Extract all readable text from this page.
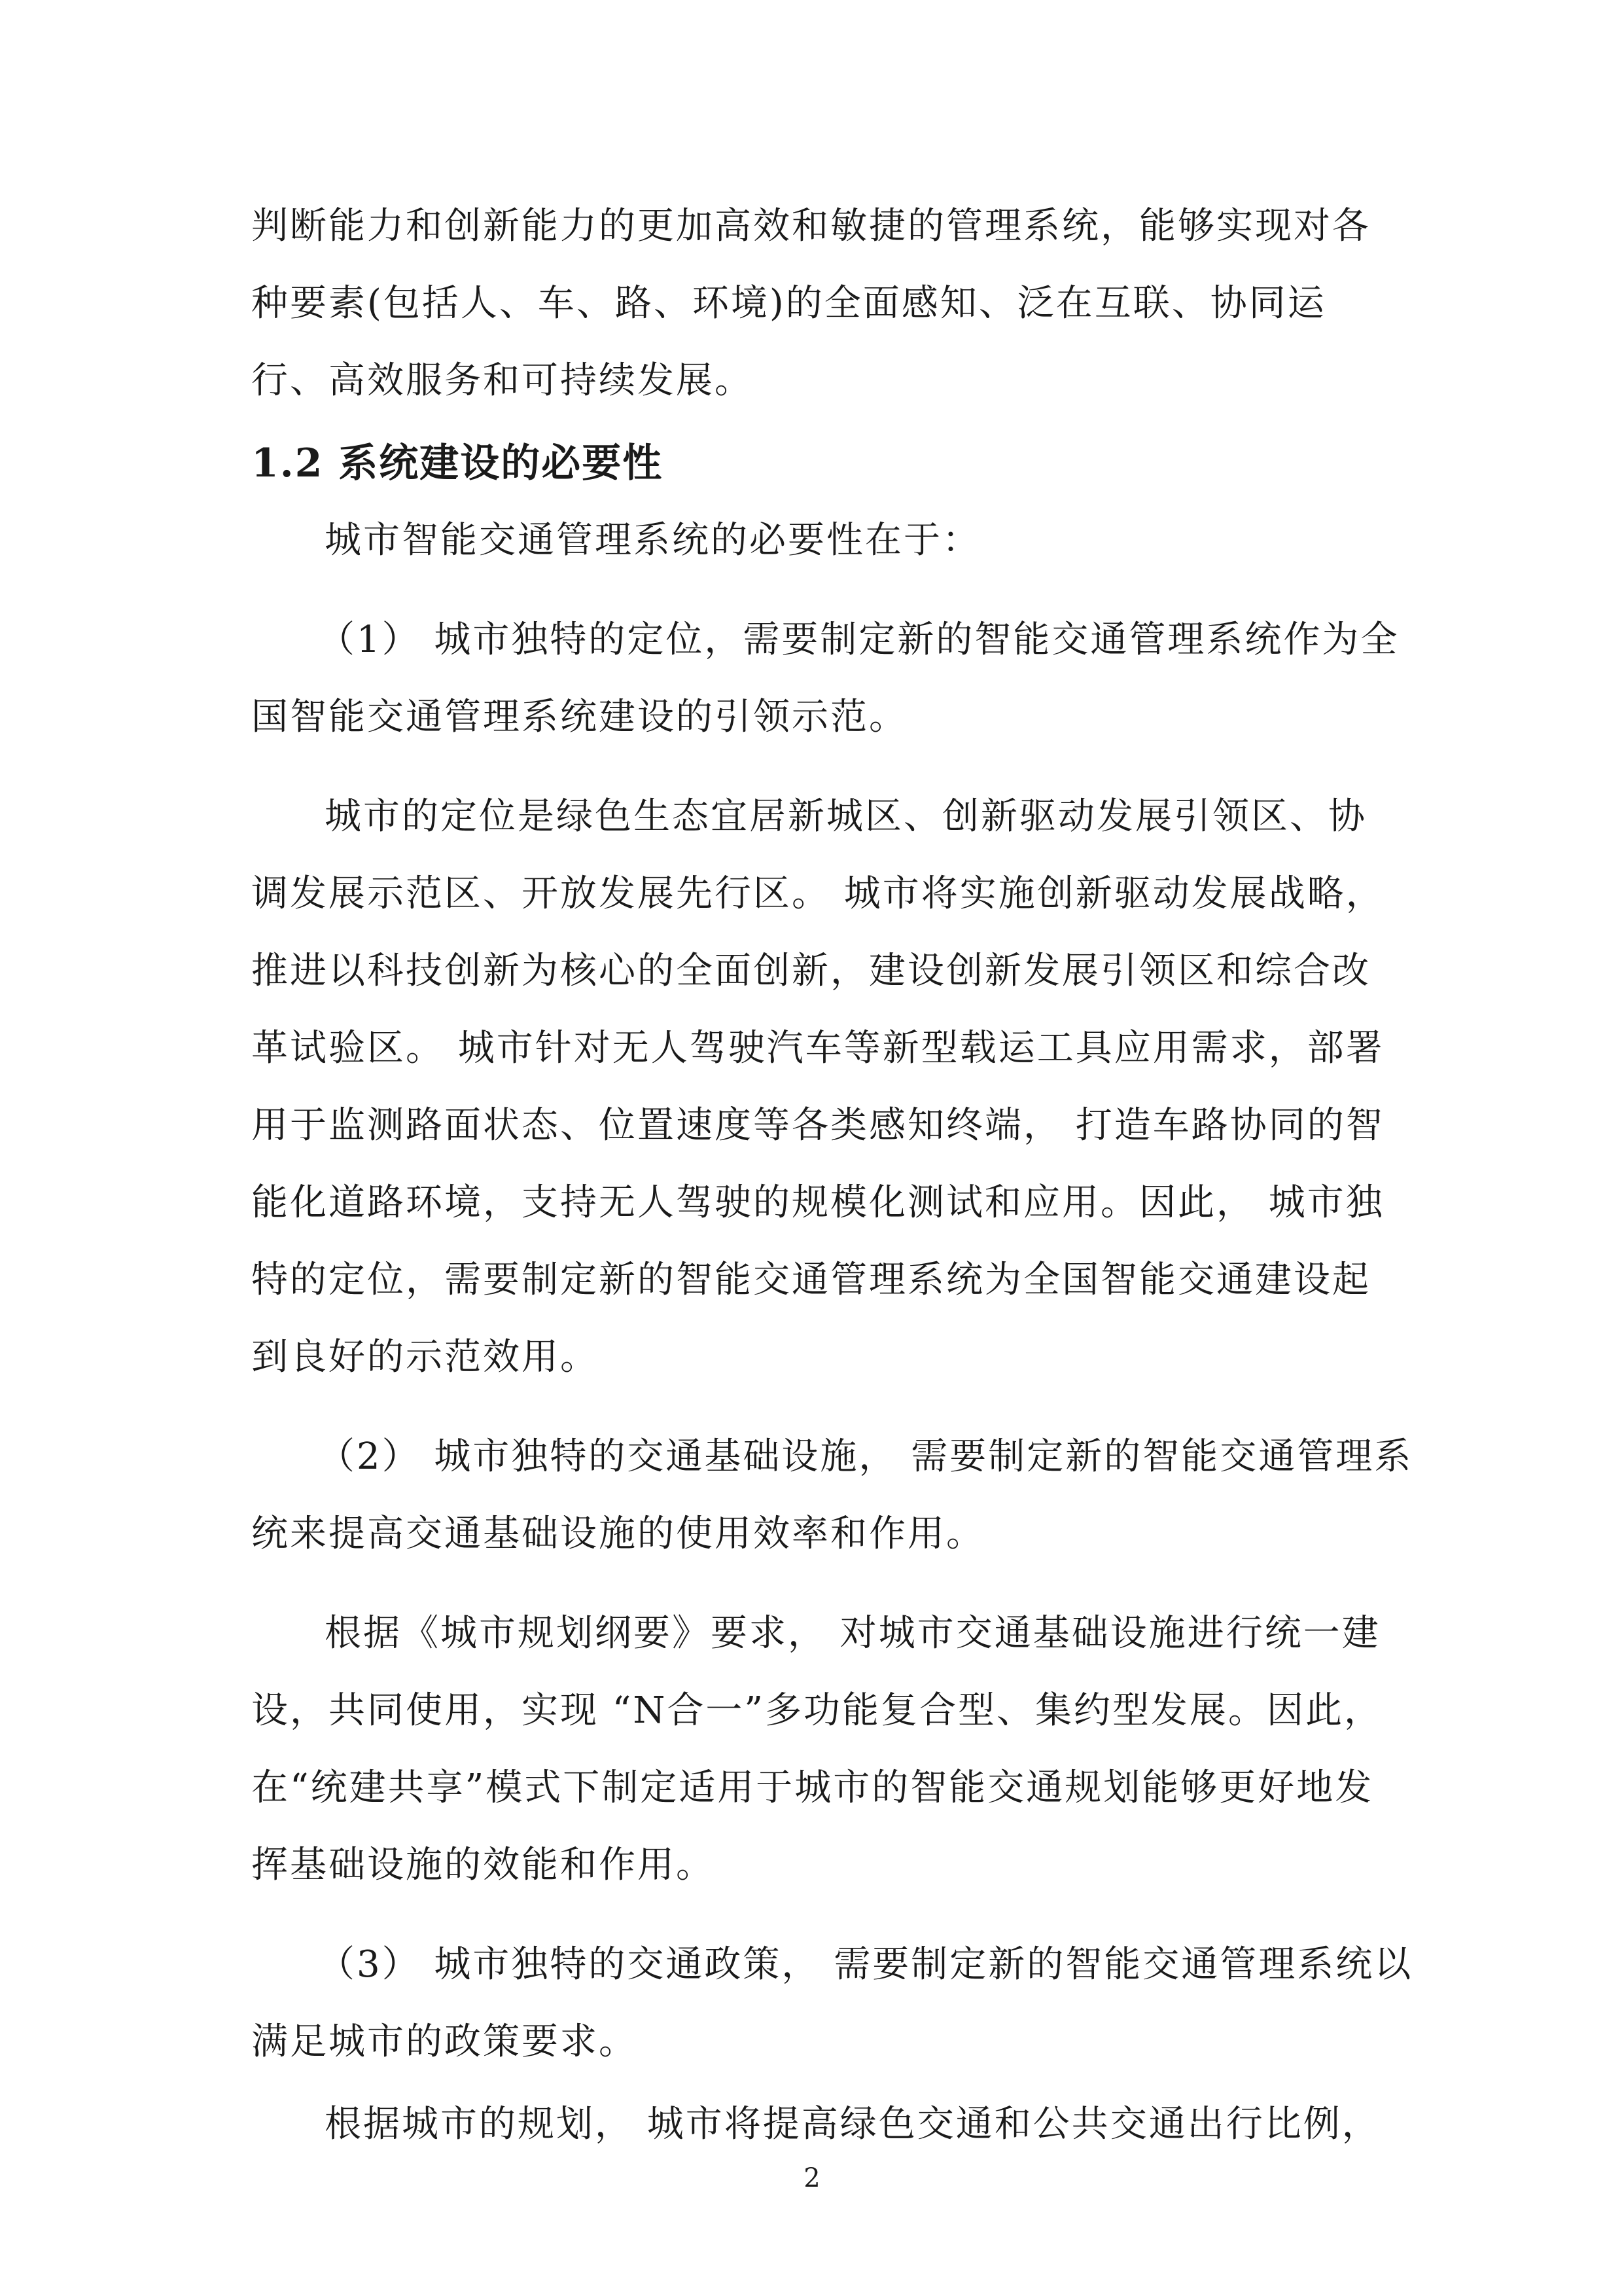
判断能力和创新能力的更加高效和敏捷的管理系统，能够实现对各
种要素(包括人、车、路、环境)的全面感知、泛在互联、协同运
行、高效服务和可持续发展。
1.2 系统建设的必要性
城市智能交通管理系统的必要性在于：
（1） 城市独特的定位，需要制定新的智能交通管理系统作为全
国智能交通管理系统建设的引领示范。
城市的定位是绿色生态宜居新城区、创新驱动发展引领区、协
调发展示范区、开放发展先行区。 城市将实施创新驱动发展战略，
推进以科技创新为核心的全面创新，建设创新发展引领区和综合改
革试验区。 城市针对无人驾驶汽车等新型载运工具应用需求，部署
用于监测路面状态、位置速度等各类感知终端， 打造车路协同的智
能化道路环境，支持无人驾驶的规模化测试和应用。因此， 城市独
特的定位，需要制定新的智能交通管理系统为全国智能交通建设起
到良好的示范效用。
（2） 城市独特的交通基础设施， 需要制定新的智能交通管理系
统来提高交通基础设施的使用效率和作用。
根据《城市规划纲要》要求， 对城市交通基础设施进行统一建
设，共同使用，实现 “N合一”多功能复合型、集约型发展。因此，
在“统建共享”模式下制定适用于城市的智能交通规划能够更好地发
挥基础设施的效能和作用。
（3） 城市独特的交通政策， 需要制定新的智能交通管理系统以
满足城市的政策要求。
根据城市的规划， 城市将提高绿色交通和公共交通出行比例，
2
